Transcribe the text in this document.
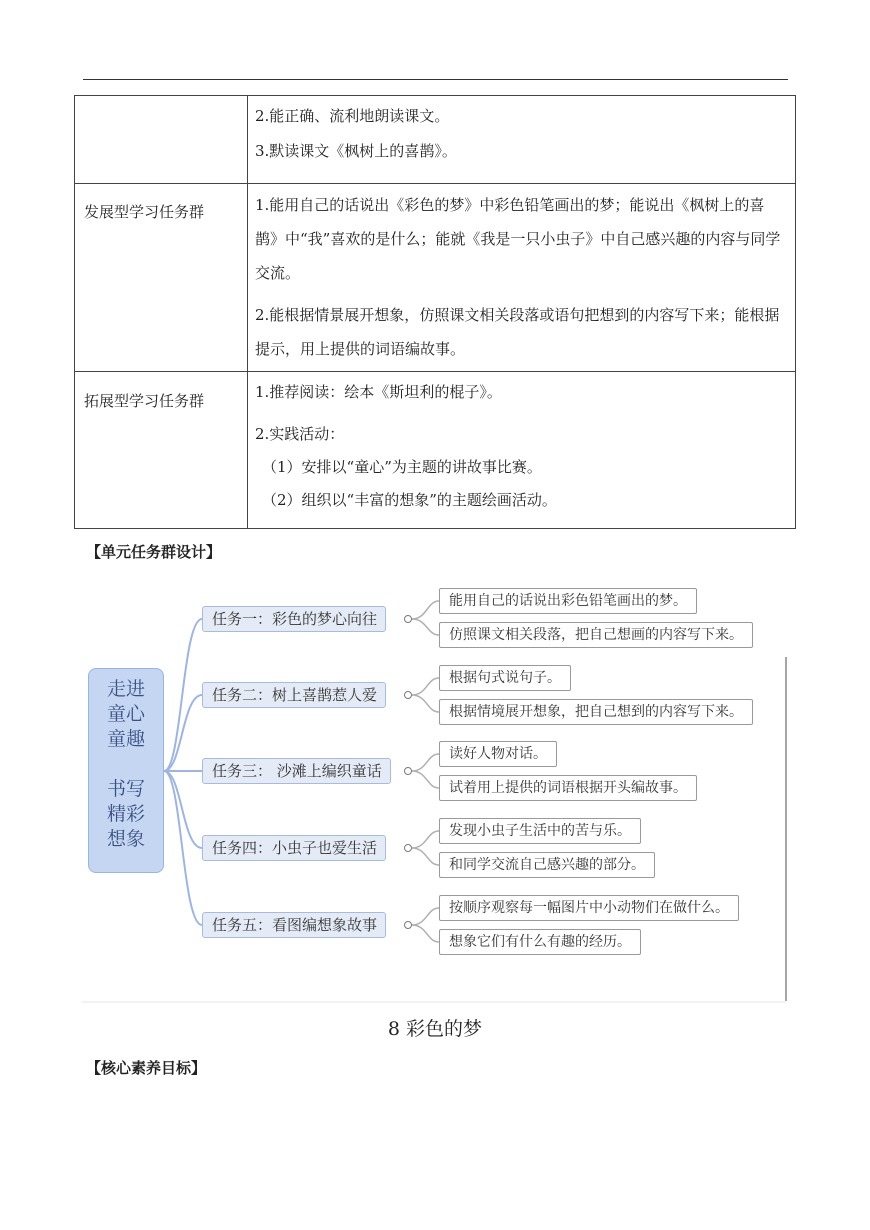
	2.能正确、流利地朗读课文。

3.默读课文《枫树上的喜鹊》。

发展型学习任务群	1.能用自己的话说出《彩色的梦》中彩色铅笔画出的梦；能说出《枫树上的喜鹊》中“我”喜欢的是什么；能就《我是一只小虫子》中自己感兴趣的内容与同学交流。

2.能根据情景展开想象，仿照课文相关段落或语句把想到的内容写下来；能根据提示，用上提供的词语编故事。

拓展型学习任务群	1.推荐阅读：绘本《斯坦利的棍子》。

2.实践活动：

（1）安排以“童心”为主题的讲故事比赛。

（2）组织以“丰富的想象”的主题绘画活动。

【单元任务群设计】
走进
童心
童趣
书写
精彩
想象
任务一：彩色的梦心向往
能用自己的话说出彩色铅笔画出的梦。
仿照课文相关段落，把自己想画的内容写下来。
任务二：树上喜鹊惹人爱
根据句式说句子。
根据情境展开想象，把自己想到的内容写下来。
任务三： 沙滩上编织童话
读好人物对话。
试着用上提供的词语根据开头编故事。
任务四：小虫子也爱生活
发现小虫子生活中的苦与乐。
和同学交流自己感兴趣的部分。
任务五：看图编想象故事
按顺序观察每一幅图片中小动物们在做什么。
想象它们有什么有趣的经历。
8 彩色的梦
【核心素养目标】
